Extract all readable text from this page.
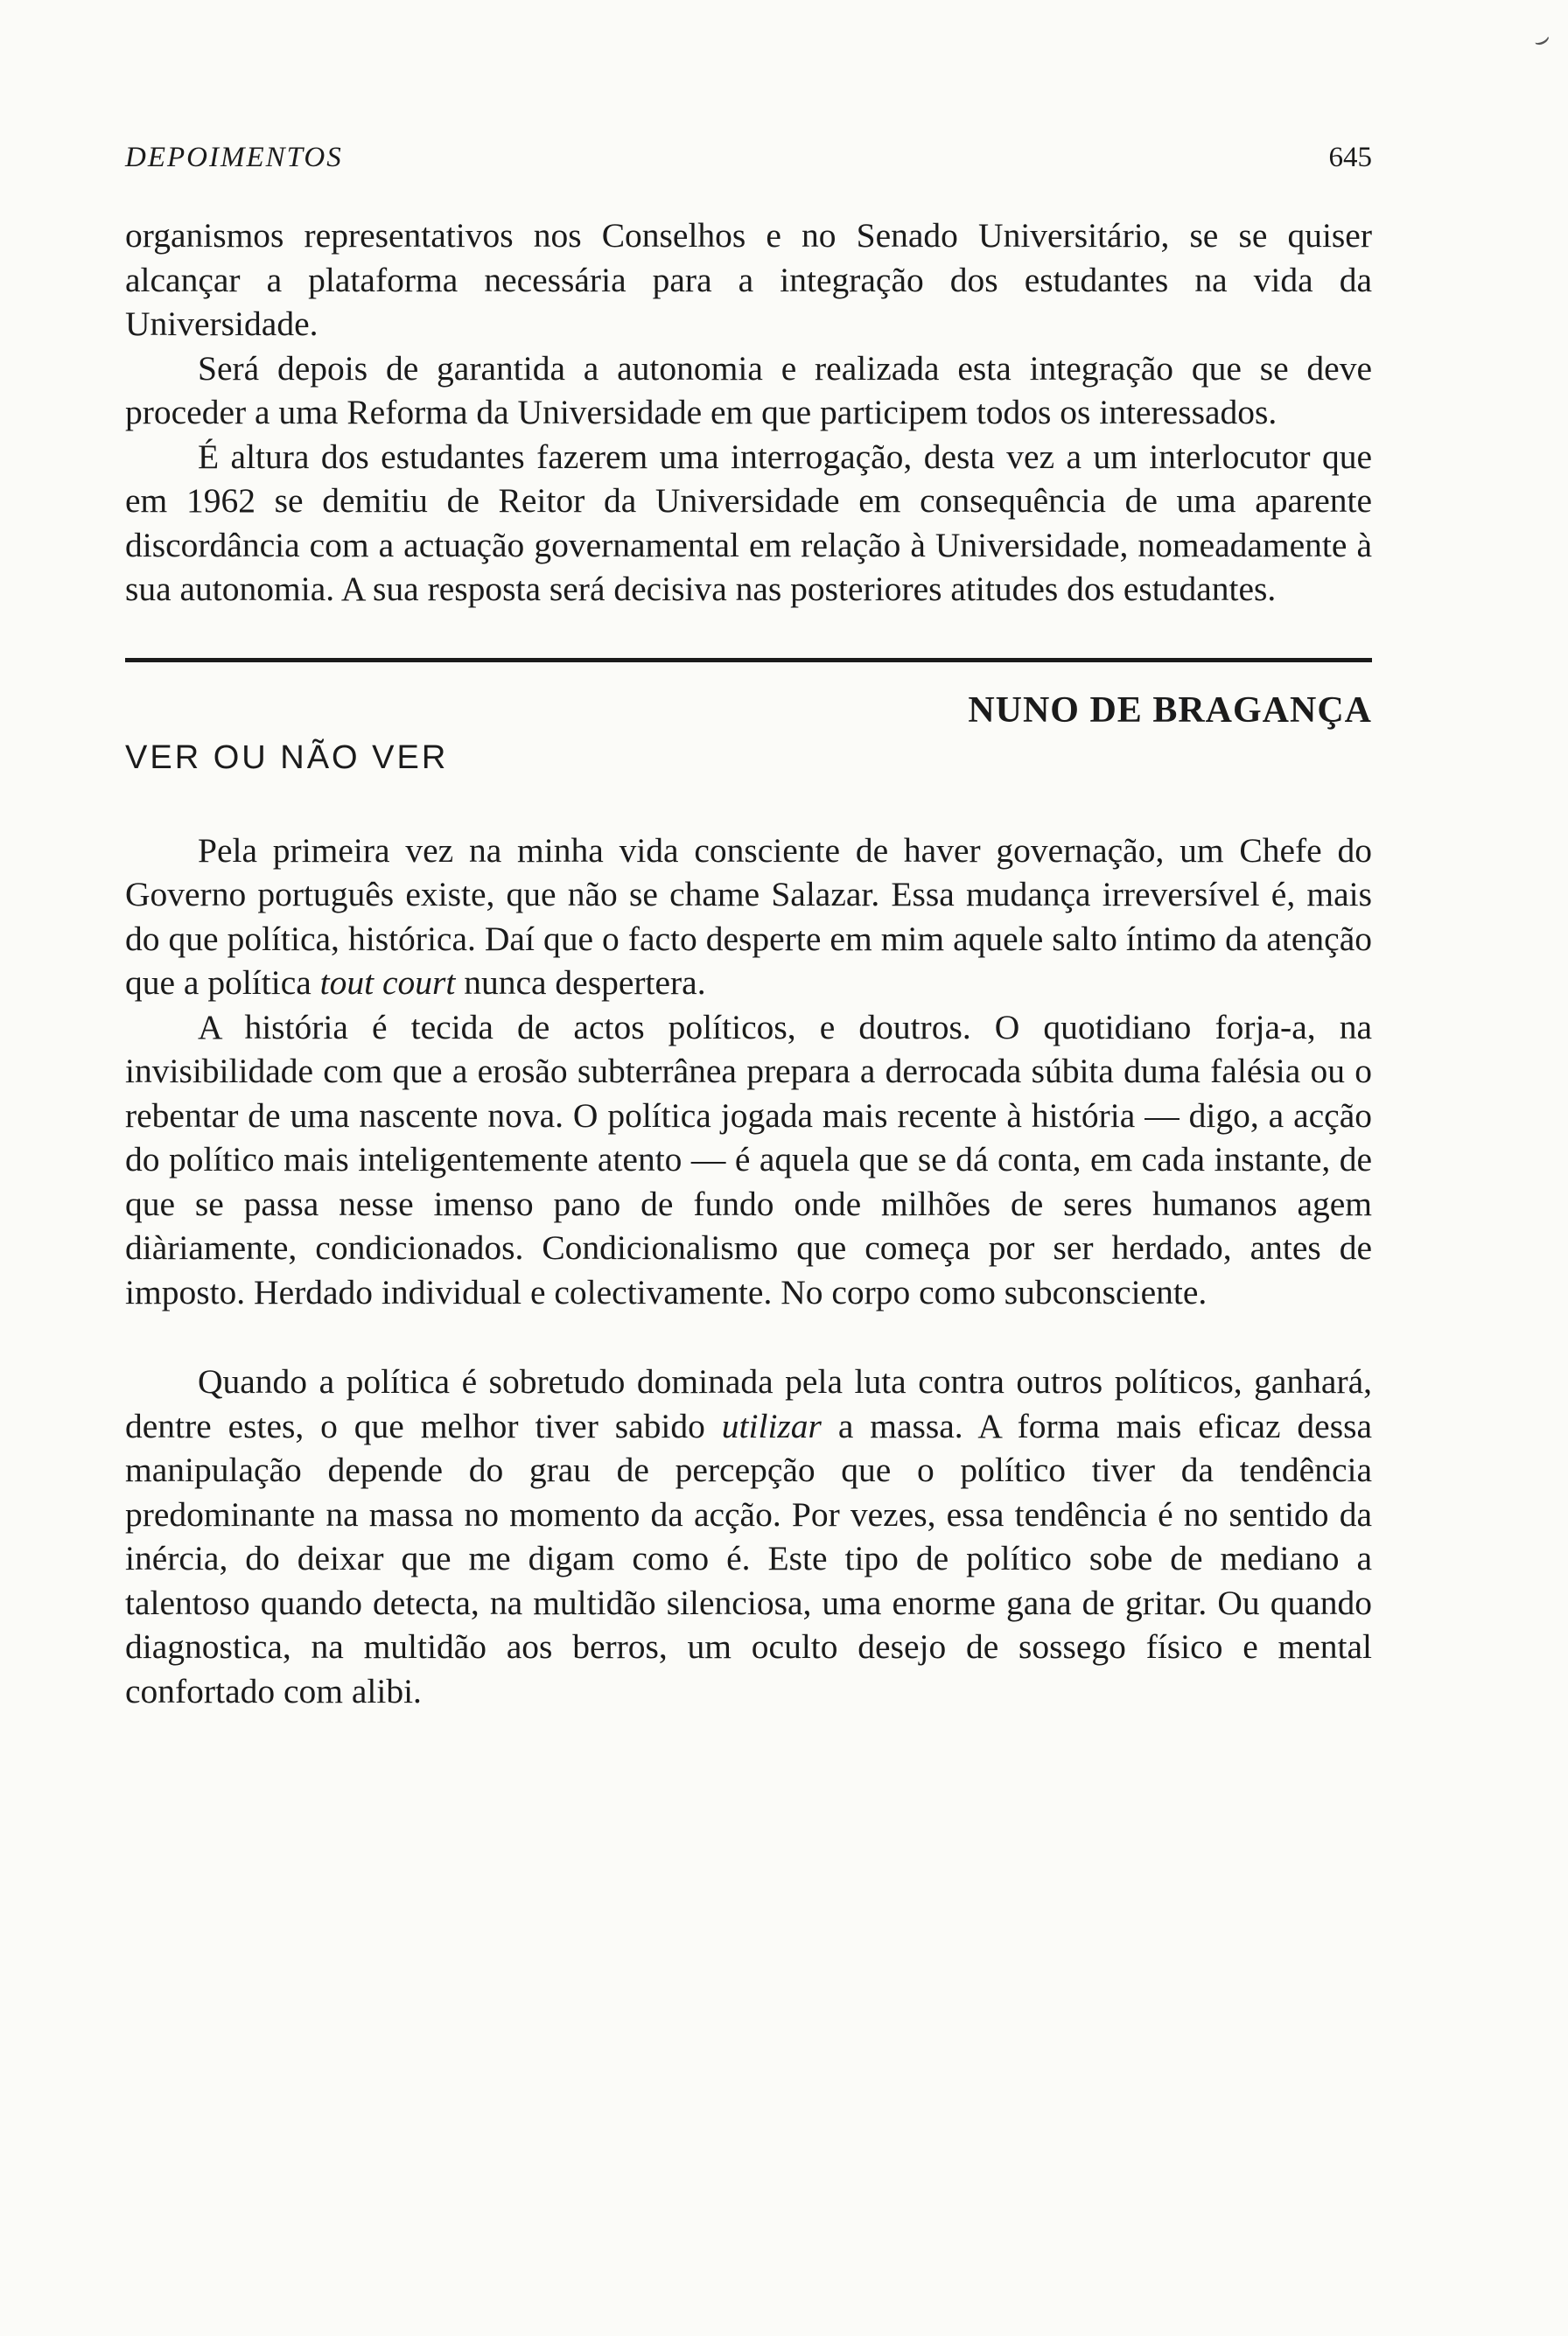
⌣
DEPOIMENTOS	645

organismos representativos nos Conselhos e no Senado Universitário, se se quiser alcançar a plataforma necessária para a integração dos estudantes na vida da Universidade.

Será depois de garantida a autonomia e realizada esta integração que se deve proceder a uma Reforma da Universidade em que participem todos os interessados.

É altura dos estudantes fazerem uma interrogação, desta vez a um interlocutor que em 1962 se demitiu de Reitor da Universidade em consequência de uma aparente discordância com a actuação governamental em relação à Universidade, nomeadamente à sua autonomia. A sua resposta será decisiva nas posteriores atitudes dos estudantes.

NUNO DE BRAGANÇA
VER OU NÃO VER

Pela primeira vez na minha vida consciente de haver governação, um Chefe do Governo português existe, que não se chame Salazar. Essa mudança irreversível é, mais do que política, histórica. Daí que o facto desperte em mim aquele salto íntimo da atenção que a política tout court nunca despertera.

A história é tecida de actos políticos, e doutros. O quotidiano forja-a, na invisibilidade com que a erosão subterrânea prepara a derrocada súbita duma falésia ou o rebentar de uma nascente nova. O política jogada mais recente à história — digo, a acção do político mais inteligentemente atento — é aquela que se dá conta, em cada instante, de que se passa nesse imenso pano de fundo onde milhões de seres humanos agem diàriamente, condicionados. Condicionalismo que começa por ser herdado, antes de imposto. Herdado individual e colectivamente. No corpo como subconsciente.

Quando a política é sobretudo dominada pela luta contra outros políticos, ganhará, dentre estes, o que melhor tiver sabido utilizar a massa. A forma mais eficaz dessa manipulação depende do grau de percepção que o político tiver da tendência predominante na massa no momento da acção. Por vezes, essa tendência é no sentido da inércia, do deixar que me digam como é. Este tipo de político sobe de mediano a talentoso quando detecta, na multidão silenciosa, uma enorme gana de gritar. Ou quando diagnostica, na multidão aos berros, um oculto desejo de sossego físico e mental confortado com alibi.
